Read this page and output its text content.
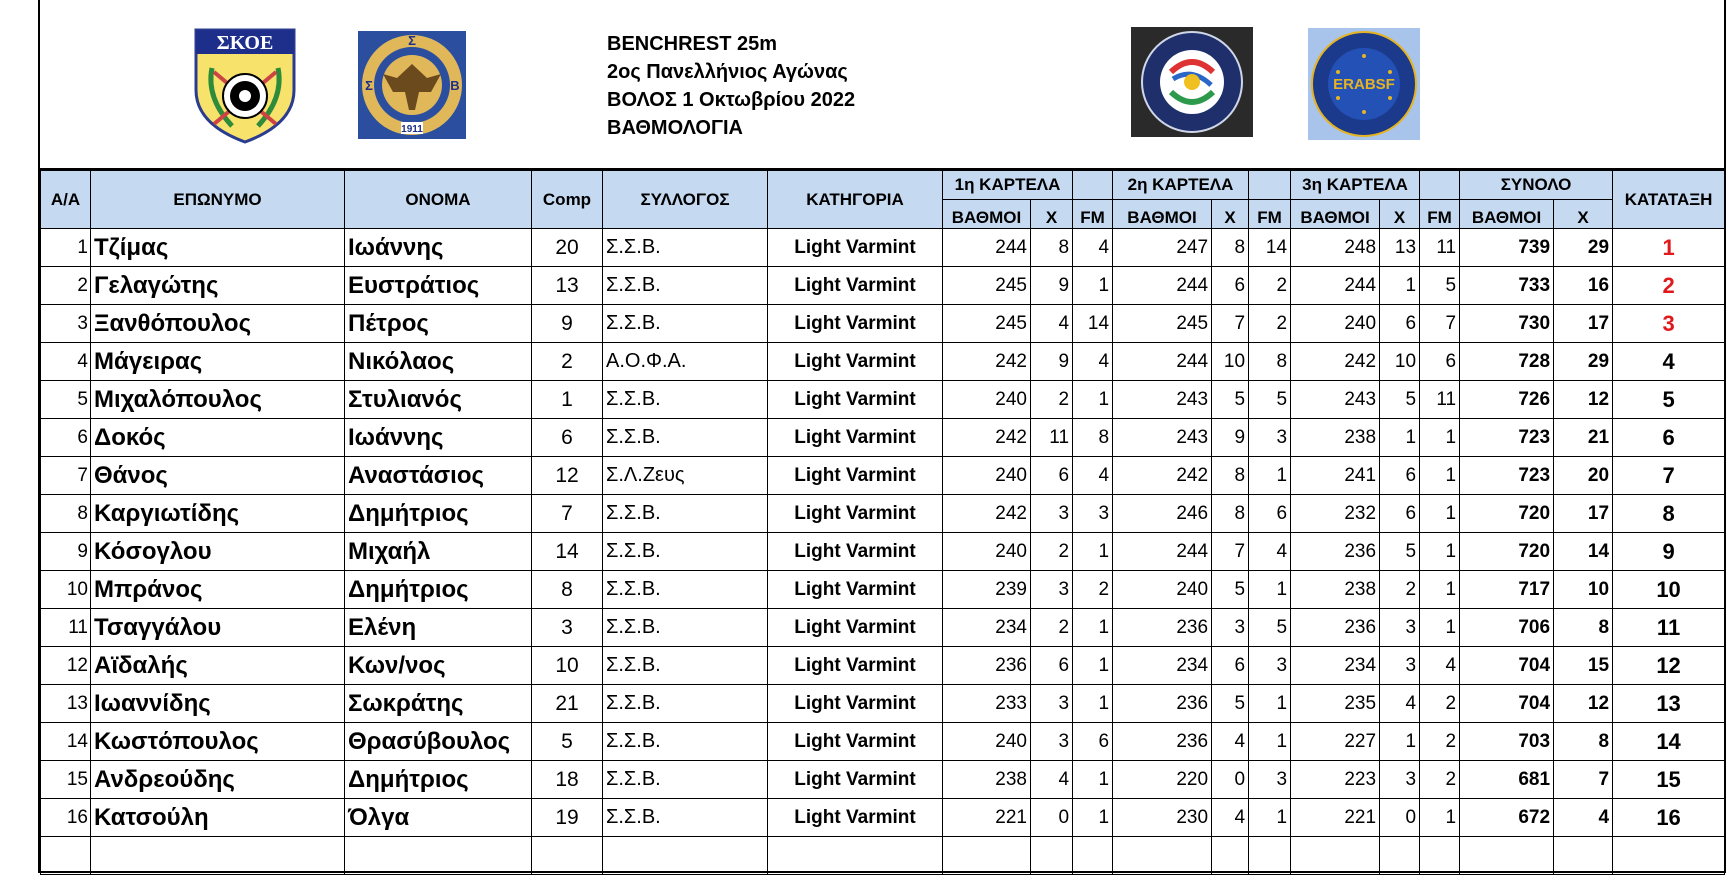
ΣΚΟΕ
1911
Σ
Σ	Β
BENCHREST 25m
2ος Πανελλήνιος Αγώνας
ΒΟΛΟΣ 1 Οκτωβρίου 2022
ΒΑΘΜΟΛΟΓΙΑ
ERABSF
Α/Α	ΕΠΩΝΥΜΟ	ΟΝΟΜΑ	Comp	ΣΥΛΛΟΓΟΣ	ΚΑΤΗΓΟΡΙΑ	1η ΚΑΡΤΕΛΑ			2η ΚΑΡΤΕΛΑ			3η ΚΑΡΤΕΛΑ			ΣΥΝΟΛΟ		ΚΑΤΑΤΑΞΗ
						ΒΑΘΜΟΙ	Χ	FM	ΒΑΘΜΟΙ	Χ	FM	ΒΑΘΜΟΙ	Χ	FM	ΒΑΘΜΟΙ	Χ	
1	Τζίμας	Ιωάννης	20	Σ.Σ.Β.	Light Varmint	244	8	4	247	8	14	248	13	11	739	29	1
2	Γελαγώτης	Ευστράτιος	13	Σ.Σ.Β.	Light Varmint	245	9	1	244	6	2	244	1	5	733	16	2
3	Ξανθόπουλος	Πέτρος	9	Σ.Σ.Β.	Light Varmint	245	4	14	245	7	2	240	6	7	730	17	3
4	Μάγειρας	Νικόλαος	2	Α.Ο.Φ.Α.	Light Varmint	242	9	4	244	10	8	242	10	6	728	29	4
5	Μιχαλόπουλος	Στυλιανός	1	Σ.Σ.Β.	Light Varmint	240	2	1	243	5	5	243	5	11	726	12	5
6	Δοκός	Ιωάννης	6	Σ.Σ.Β.	Light Varmint	242	11	8	243	9	3	238	1	1	723	21	6
7	Θάνος	Αναστάσιος	12	Σ.Λ.Ζευς	Light Varmint	240	6	4	242	8	1	241	6	1	723	20	7
8	Καργιωτίδης	Δημήτριος	7	Σ.Σ.Β.	Light Varmint	242	3	3	246	8	6	232	6	1	720	17	8
9	Κόσογλου	Μιχαήλ	14	Σ.Σ.Β.	Light Varmint	240	2	1	244	7	4	236	5	1	720	14	9
10	Μπράνος	Δημήτριος	8	Σ.Σ.Β.	Light Varmint	239	3	2	240	5	1	238	2	1	717	10	10
11	Τσαγγάλου	Ελένη	3	Σ.Σ.Β.	Light Varmint	234	2	1	236	3	5	236	3	1	706	8	11
12	Αϊδαλής	Κων/νος	10	Σ.Σ.Β.	Light Varmint	236	6	1	234	6	3	234	3	4	704	15	12
13	Ιωαννίδης	Σωκράτης	21	Σ.Σ.Β.	Light Varmint	233	3	1	236	5	1	235	4	2	704	12	13
14	Κωστόπουλος	Θρασύβουλος	5	Σ.Σ.Β.	Light Varmint	240	3	6	236	4	1	227	1	2	703	8	14
15	Ανδρεούδης	Δημήτριος	18	Σ.Σ.Β.	Light Varmint	238	4	1	220	0	3	223	3	2	681	7	15
16	Κατσούλη	Όλγα	19	Σ.Σ.Β.	Light Varmint	221	0	1	230	4	1	221	0	1	672	4	16
